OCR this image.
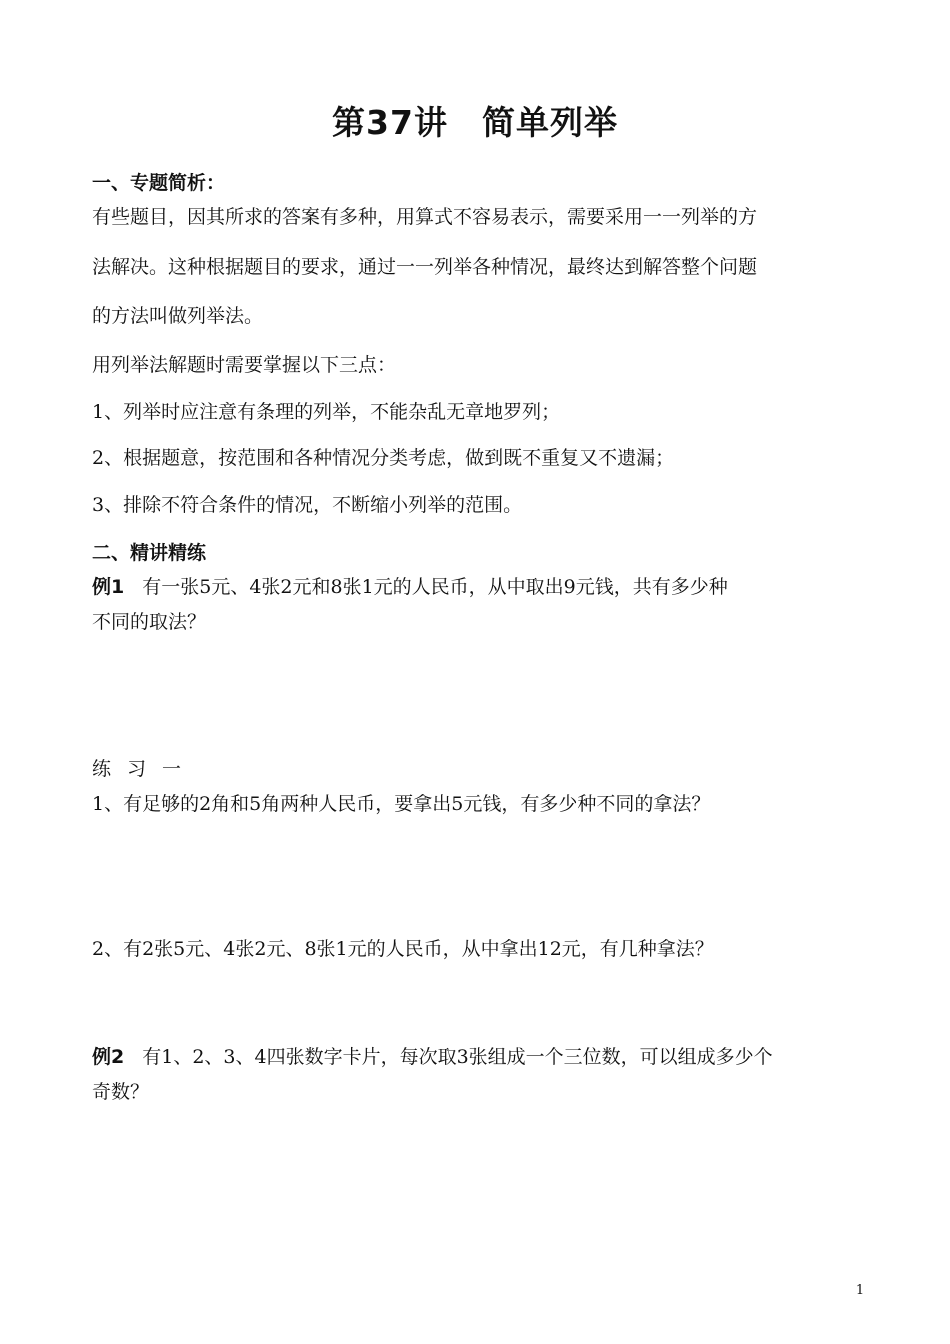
第37讲　简单列举
一、专题简析：
有些题目，因其所求的答案有多种，用算式不容易表示，需要采用一一列举的方
法解决。这种根据题目的要求，通过一一列举各种情况，最终达到解答整个问题
的方法叫做列举法。
用列举法解题时需要掌握以下三点：
1、列举时应注意有条理的列举，不能杂乱无章地罗列；
2、根据题意，按范围和各种情况分类考虑，做到既不重复又不遗漏；
3、排除不符合条件的情况，不断缩小列举的范围。
二、精讲精练
例1 有一张5元、4张2元和8张1元的人民币，从中取出9元钱，共有多少种
不同的取法？
练习一
1、有足够的2角和5角两种人民币，要拿出5元钱，有多少种不同的拿法？
2、有2张5元、4张2元、8张1元的人民币，从中拿出12元，有几种拿法？
例2 有1、2、3、4四张数字卡片，每次取3张组成一个三位数，可以组成多少个
奇数？
1
